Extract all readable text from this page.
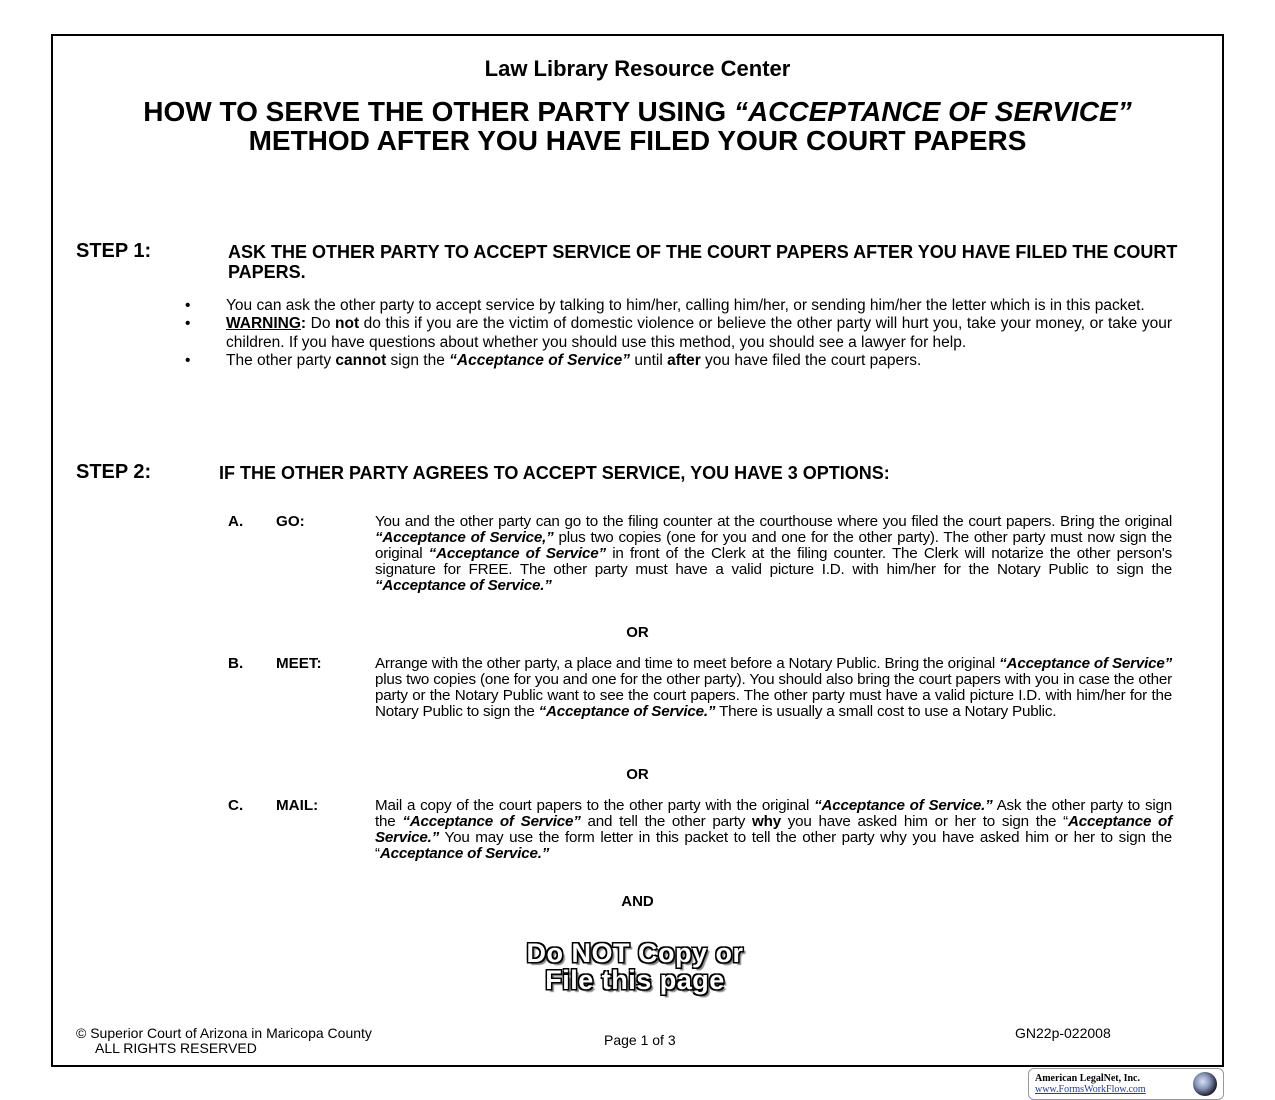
Law Library Resource Center
HOW TO SERVE THE OTHER PARTY USING “ACCEPTANCE OF SERVICE”
METHOD AFTER YOU HAVE FILED YOUR COURT PAPERS
STEP 1:	ASK THE OTHER PARTY TO ACCEPT SERVICE OF THE COURT PAPERS AFTER YOU HAVE FILED THE COURT PAPERS.
• You can ask the other party to accept service by talking to him/her, calling him/her, or sending him/her the letter which is in this packet.
• WARNING: Do not do this if you are the victim of domestic violence or believe the other party will hurt you, take your money, or take your children. If you have questions about whether you should use this method, you should see a lawyer for help.
• The other party cannot sign the “Acceptance of Service” until after you have filed the court papers.
STEP 2:	IF THE OTHER PARTY AGREES TO ACCEPT SERVICE, YOU HAVE 3 OPTIONS:
A. GO:	You and the other party can go to the filing counter at the courthouse where you filed the court papers. Bring the original “Acceptance of Service,” plus two copies (one for you and one for the other party). The other party must now sign the original “Acceptance of Service” in front of the Clerk at the filing counter. The Clerk will notarize the other person's signature for FREE. The other party must have a valid picture I.D. with him/her for the Notary Public to sign the “Acceptance of Service.”
OR
B. MEET:	Arrange with the other party, a place and time to meet before a Notary Public. Bring the original “Acceptance of Service” plus two copies (one for you and one for the other party). You should also bring the court papers with you in case the other party or the Notary Public want to see the court papers. The other party must have a valid picture I.D. with him/her for the Notary Public to sign the “Acceptance of Service.” There is usually a small cost to use a Notary Public.
OR
C. MAIL:	Mail a copy of the court papers to the other party with the original “Acceptance of Service.” Ask the other party to sign the “Acceptance of Service” and tell the other party why you have asked him or her to sign the “Acceptance of Service.” You may use the form letter in this packet to tell the other party why you have asked him or her to sign the “Acceptance of Service.”
AND
Do NOT Copy or
File this page
© Superior Court of Arizona in Maricopa County
ALL RIGHTS RESERVED	Page 1 of 3	GN22p-022008
American LegalNet, Inc.
www.FormsWorkFlow.com
